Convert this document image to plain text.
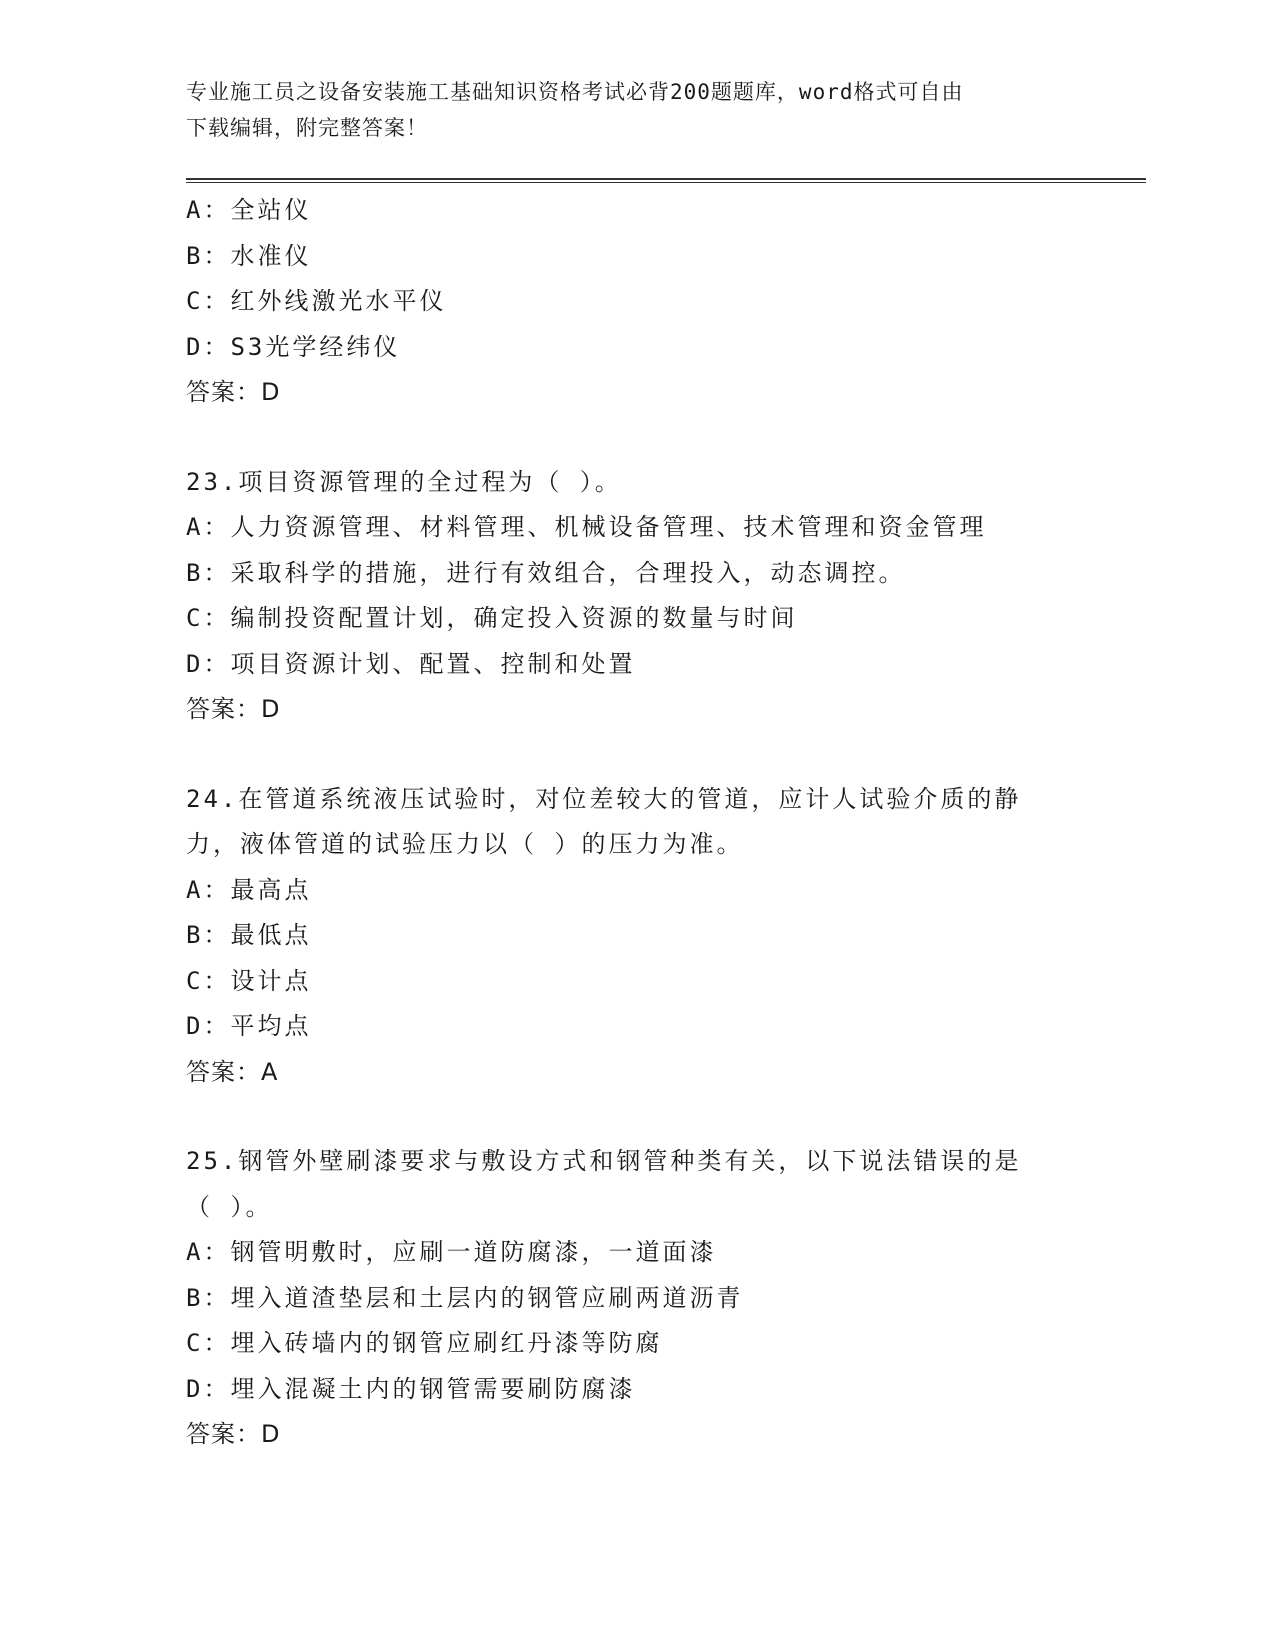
专业施工员之设备安装施工基础知识资格考试必背200题题库，word格式可自由
下载编辑，附完整答案！
A：全站仪
B：水准仪
C：红外线激光水平仪
D：S3光学经纬仪
答案：D
23.项目资源管理的全过程为（ ）。
A：人力资源管理、材料管理、机械设备管理、技术管理和资金管理
B：采取科学的措施，进行有效组合，合理投入，动态调控。
C：编制投资配置计划，确定投入资源的数量与时间
D：项目资源计划、配置、控制和处置
答案：D
24.在管道系统液压试验时，对位差较大的管道，应计人试验介质的静
力，液体管道的试验压力以（ ）的压力为准。
A：最高点
B：最低点
C：设计点
D：平均点
答案：A
25.钢管外壁刷漆要求与敷设方式和钢管种类有关，以下说法错误的是
（ ）。
A：钢管明敷时，应刷一道防腐漆，一道面漆
B：埋入道渣垫层和土层内的钢管应刷两道沥青
C：埋入砖墙内的钢管应刷红丹漆等防腐
D：埋入混凝土内的钢管需要刷防腐漆
答案：D
